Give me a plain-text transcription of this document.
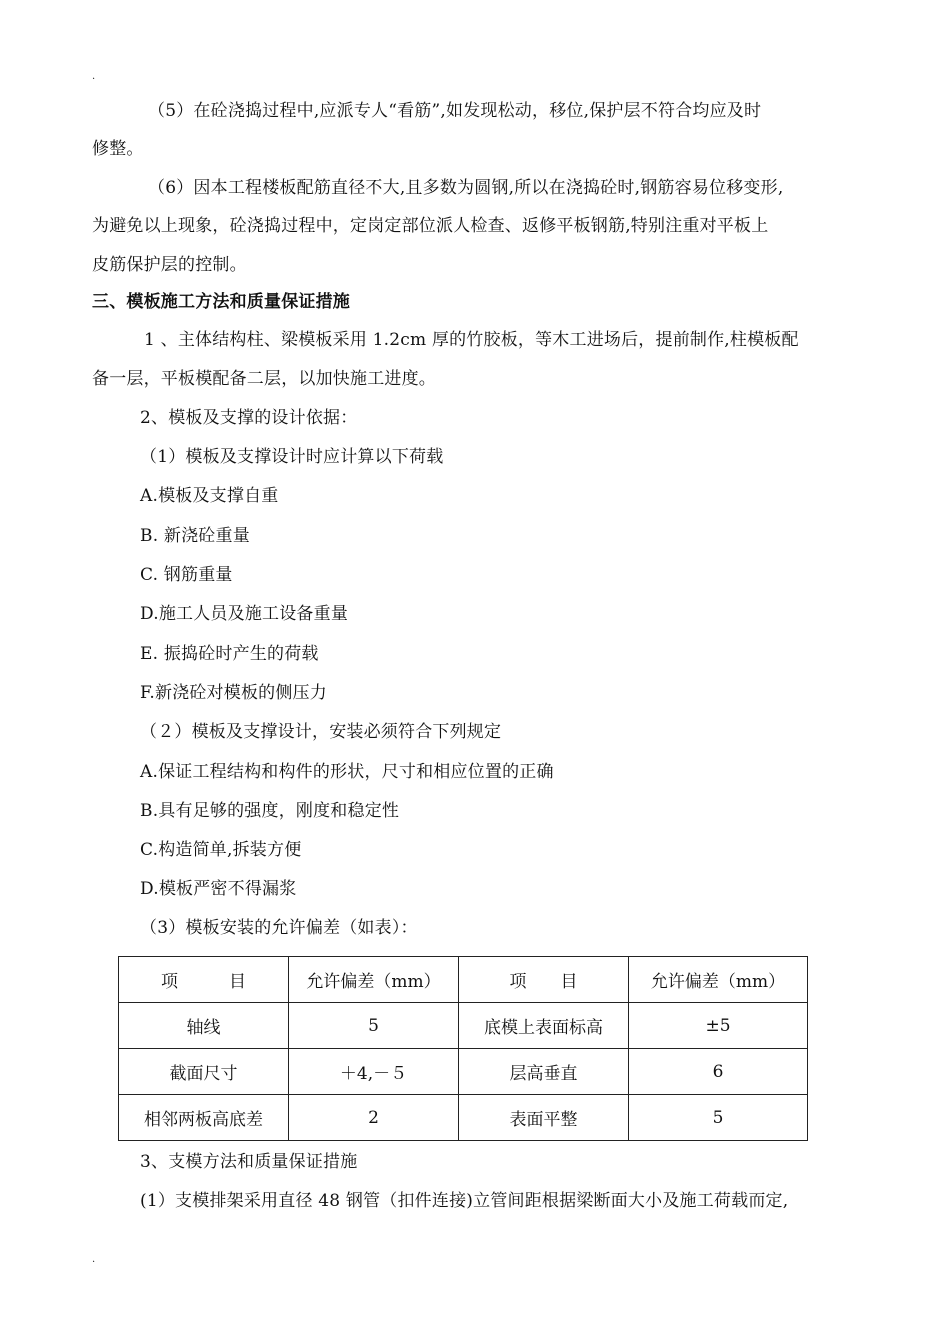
.
（5）在砼浇捣过程中,应派专人“看筋”,如发现松动，移位,保护层不符合均应及时
修整。
（6）因本工程楼板配筋直径不大,且多数为圆钢,所以在浇捣砼时,钢筋容易位移变形,
为避免以上现象，砼浇捣过程中，定岗定部位派人检查、返修平板钢筋,特别注重对平板上
皮筋保护层的控制。
三、模板施工方法和质量保证措施
1 、主体结构柱、梁模板采用 1.2cm 厚的竹胶板，等木工进场后，提前制作,柱模板配
备一层，平板模配备二层，以加快施工进度。
2、模板及支撑的设计依据：
（1）模板及支撑设计时应计算以下荷载
A.模板及支撑自重
B. 新浇砼重量
C. 钢筋重量
D.施工人员及施工设备重量
E. 振捣砼时产生的荷载
F.新浇砼对模板的侧压力
（２）模板及支撑设计，安装必须符合下列规定
A.保证工程结构和构件的形状，尺寸和相应位置的正确
B.具有足够的强度，刚度和稳定性
C.构造简单,拆装方便
D.模板严密不得漏浆
（3）模板安装的允许偏差（如表）：
项　　　目	允许偏差（mm）	项　　目	允许偏差（mm）
轴线	5	底模上表面标高	±5
截面尺寸	＋4,－５	层高垂直	6
相邻两板高底差	2	表面平整	5
3、支模方法和质量保证措施
(1）支模排架采用直径 48 钢管（扣件连接)立管间距根据梁断面大小及施工荷载而定,
.
